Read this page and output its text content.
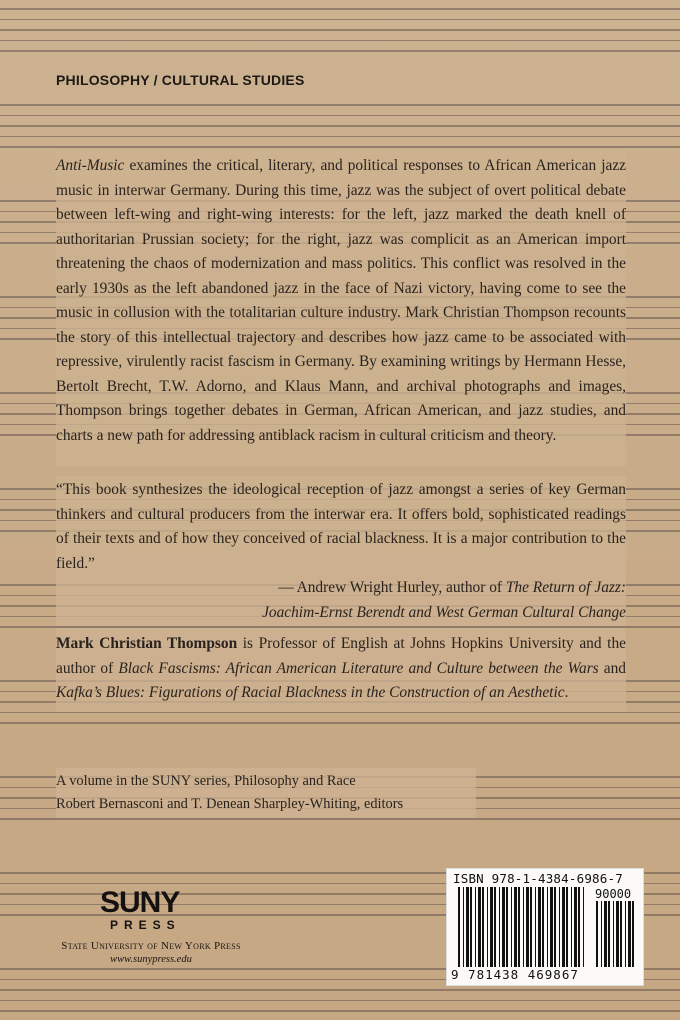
PHILOSOPHY / CULTURAL STUDIES
Anti-Music examines the critical, literary, and political responses to African American jazz music in interwar Germany. During this time, jazz was the subject of overt political debate between left-wing and right-wing interests: for the left, jazz marked the death knell of authoritarian Prussian society; for the right, jazz was complicit as an American import threatening the chaos of modernization and mass politics. This conflict was resolved in the early 1930s as the left abandoned jazz in the face of Nazi victory, having come to see the music in collusion with the totalitarian culture industry. Mark Christian Thompson recounts the story of this intellectual trajectory and describes how jazz came to be associated with repressive, virulently racist fascism in Germany. By examining writings by Hermann Hesse, Bertolt Brecht, T.W. Adorno, and Klaus Mann, and archival photographs and images, Thompson brings together debates in German, African American, and jazz studies, and charts a new path for addressing antiblack racism in cultural criticism and theory.
“This book synthesizes the ideological reception of jazz amongst a series of key German thinkers and cultural producers from the interwar era. It offers bold, sophisticated readings of their texts and of how they conceived of racial blackness. It is a major contribution to the field.”
— Andrew Wright Hurley, author of The Return of Jazz:
Joachim-Ernst Berendt and West German Cultural Change
Mark Christian Thompson is Professor of English at Johns Hopkins University and the author of Black Fascisms: African American Literature and Culture between the Wars and Kafka’s Blues: Figurations of Racial Blackness in the Construction of an Aesthetic.
A volume in the SUNY series, Philosophy and Race
Robert Bernasconi and T. Denean Sharpley-Whiting, editors
SUNY
PRESS
State University of New York Press
www.sunypress.edu
ISBN 978-1-4384-6986-7
90000
9 781438 469867
